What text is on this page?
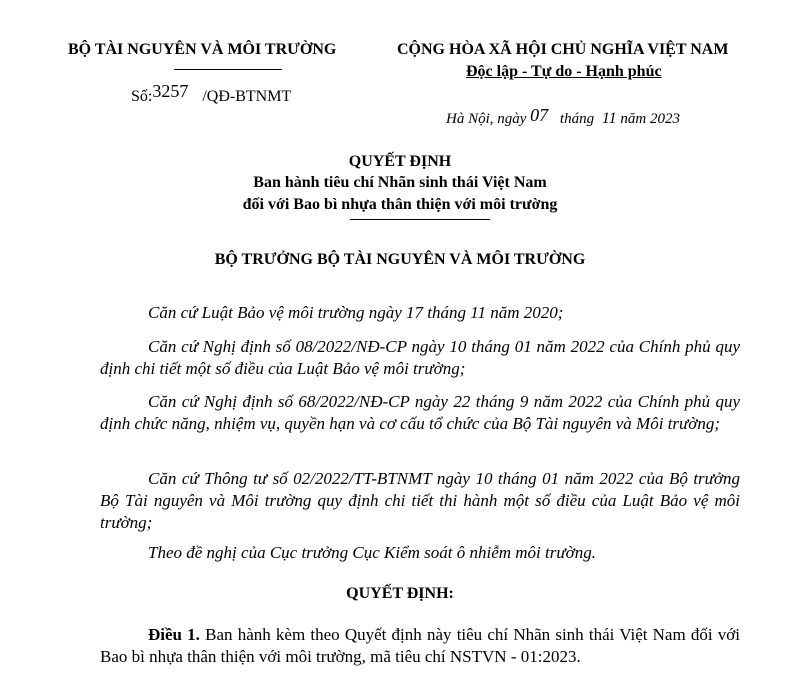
BỘ TÀI NGUYÊN VÀ MÔI TRƯỜNG	CỘNG HÒA XÃ HỘI CHỦ NGHĨA VIỆT NAM
Độc lập - Tự do - Hạnh phúc
Số:3257 /QĐ-BTNMT
Hà Nội, ngày 07 tháng 11 năm 2023
QUYẾT ĐỊNH
Ban hành tiêu chí Nhãn sinh thái Việt Nam
đối với Bao bì nhựa thân thiện với môi trường
BỘ TRƯỞNG BỘ TÀI NGUYÊN VÀ MÔI TRƯỜNG
Căn cứ Luật Bảo vệ môi trường ngày 17 tháng 11 năm 2020;
Căn cứ Nghị định số 08/2022/NĐ-CP ngày 10 tháng 01 năm 2022 của Chính phủ quy định chi tiết một số điều của Luật Bảo vệ môi trường;
Căn cứ Nghị định số 68/2022/NĐ-CP ngày 22 tháng 9 năm 2022 của Chính phủ quy định chức năng, nhiệm vụ, quyền hạn và cơ cấu tổ chức của Bộ Tài nguyên và Môi trường;
Căn cứ Thông tư số 02/2022/TT-BTNMT ngày 10 tháng 01 năm 2022 của Bộ trưởng Bộ Tài nguyên và Môi trường quy định chi tiết thi hành một số điều của Luật Bảo vệ môi trường;
Theo đề nghị của Cục trưởng Cục Kiểm soát ô nhiễm môi trường.
QUYẾT ĐỊNH:
Điều 1. Ban hành kèm theo Quyết định này tiêu chí Nhãn sinh thái Việt Nam đối với Bao bì nhựa thân thiện với môi trường, mã tiêu chí NSTVN - 01:2023.
